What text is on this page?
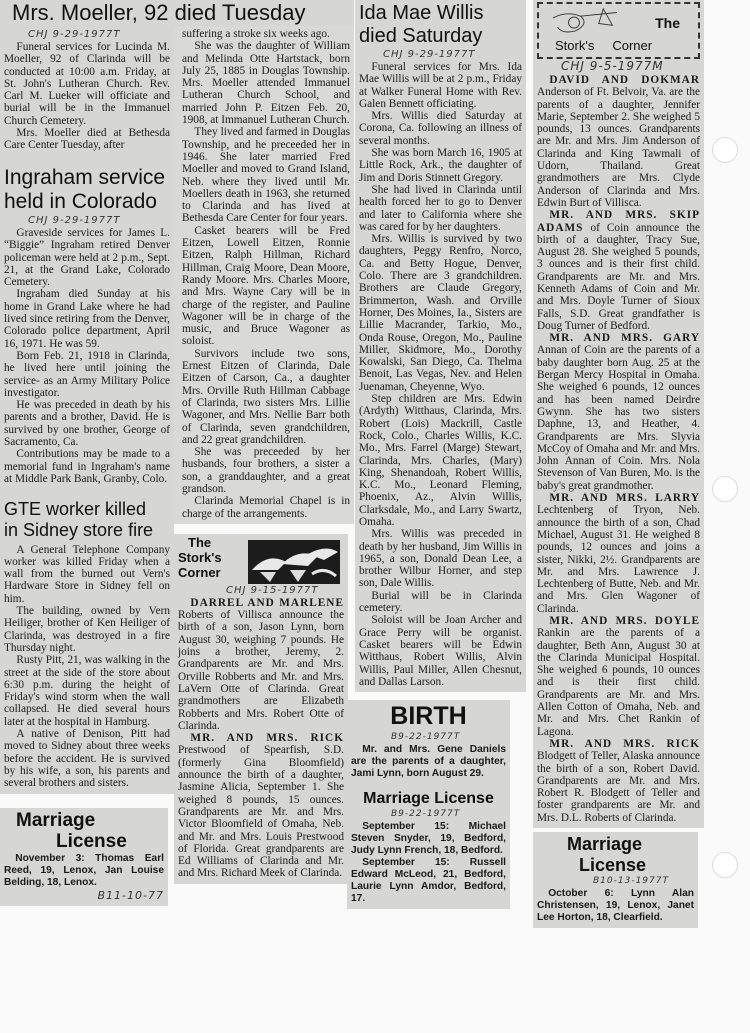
Mrs. Moeller, 92 died Tuesday
CHJ 9-29-1977T

Funeral services for Lucinda M. Moeller, 92 of Clarinda will be conducted at 10:00 a.m. Friday, at St. John's Lutheran Church. Rev. Carl M. Lueker will officiate and burial will be in the Immanuel Church Cemetery.

Mrs. Moeller died at Bethesda Care Center Tuesday, after

Ingraham service
held in Colorado
CHJ 9-29-1977T

Graveside services for James L. “Biggie” Ingraham retired Denver policeman were held at 2 p.m., Sept. 21, at the Grand Lake, Colorado Cemetery.

Ingraham died Sunday at his home in Grand Lake where he had lived since retiring from the Denver, Colorado police department, April 16, 1971. He was 59.

Born Feb. 21, 1918 in Clarinda, he lived here until joining the service- as an Army Military Police investigator.

He was preceded in death by his parents and a brother, David. He is survived by one brother, George of Sacramento, Ca.

Contributions may be made to a memorial fund in Ingraham's name at Middle Park Bank, Granby, Colo.

GTE worker killed
in Sidney store fire

A General Telephone Company worker was killed Friday when a wall from the burned out Vern's Hardware Store in Sidney fell on him.

The building, owned by Vern Heiliger, brother of Ken Heiliger of Clarinda, was destroyed in a fire Thursday night.

Rusty Pitt, 21, was walking in the street at the side of the store about 6:30 p.m. during the height of Friday's wind storm when the wall collapsed. He died several hours later at the hospital in Hamburg.

A native of Denison, Pitt had moved to Sidney about three weeks before the accident. He is survived by his wife, a son, his parents and several brothers and sisters.

Marriage
License

November 3: Thomas Earl Reed, 19, Lenox, Jan Louise Belding, 18, Lenox.

B11-10-77

suffering a stroke six weeks ago.

She was the daughter of William and Melinda Otte Hartstack, born July 25, 1885 in Douglas Township. Mrs. Moeller attended Immanuel Lutheran Church School, and married John P. Eitzen Feb. 20, 1908, at Immanuel Lutheran Church.

They lived and farmed in Douglas Township, and he preceeded her in 1946. She later married Fred Moeller and moved to Grand Island, Neb. where they lived until Mr. Moellers death in 1963, she returned to Clarinda and has lived at Bethesda Care Center for four years.

Casket bearers will be Fred Eitzen, Lowell Eitzen, Ronnie Eitzen, Ralph Hillman, Richard Hillman, Craig Moore, Dean Moore, Randy Moore. Mrs. Charles Moore, and Mrs. Wayne Cary will be in charge of the register, and Pauline Wagoner will be in charge of the music, and Bruce Wagoner as soloist.

Survivors include two sons, Ernest Eitzen of Clarinda, Dale Eitzen of Carson, Ca., a daughter Mrs. Orville Ruth Hillman Cabbage of Clarinda, two sisters Mrs. Lillie Wagoner, and Mrs. Nellie Barr both of Clarinda, seven grandchildren, and 22 great grandchildren.

She was preceeded by her husbands, four brothers, a sister a son, a granddaughter, and a great grandson.

Clarinda Memorial Chapel is in charge of the arrangements.

The
Stork's
Corner
CHJ 9-15-1977T

DARREL AND MARLENE Roberts of Villisca announce the birth of a son, Jason Lynn, born August 30, weighing 7 pounds. He joins a brother, Jeremy, 2. Grandparents are Mr. and Mrs. Orville Robberts and Mr. and Mrs. LaVern Otte of Clarinda. Great grandmothers are Elizabeth Robberts and Mrs. Robert Otte of Clarinda.

MR. AND MRS. RICK Prestwood of Spearfish, S.D. (formerly Gina Bloomfield) announce the birth of a daughter, Jasmine Alicia, September 1. She weighed 8 pounds, 15 ounces. Grandparents are Mr. and Mrs. Victor Bloomfield of Omaha, Neb. and Mr. and Mrs. Louis Prestwood of Florida. Great grandparents are Ed Williams of Clarinda and Mr. and Mrs. Richard Meek of Clarinda.

Ida Mae Willis
died Saturday
CHJ 9-29-1977T

Funeral services for Mrs. Ida Mae Willis will be at 2 p.m., Friday at Walker Funeral Home with Rev. Galen Bennett officiating.

Mrs. Willis died Saturday at Corona, Ca. following an illness of several months.

She was born March 16, 1905 at Little Rock, Ark., the daughter of Jim and Doris Stinnett Gregory.

She had lived in Clarinda until health forced her to go to Denver and later to California where she was cared for by her daughters.

Mrs. Willis is survived by two daughters, Peggy Renfro, Norco, Ca. and Betty Hogue, Denver, Colo. There are 3 grandchildren. Brothers are Claude Gregory, Brimmerton, Wash. and Orville Horner, Des Moines, Ia., Sisters are Lillie Macrander, Tarkio, Mo., Onda Rouse, Oregon, Mo., Pauline Miller, Skidmore, Mo., Dorothy Kowalski, San Diego, Ca. Thelma Benoit, Las Vegas, Nev. and Helen Juenaman, Cheyenne, Wyo.

Step children are Mrs. Edwin (Ardyth) Witthaus, Clarinda, Mrs. Robert (Lois) Mackrill, Castle Rock, Colo., Charles Willis, K.C. Mo., Mrs. Farrel (Marge) Stewart, Clarinda, Mrs. Charles, (Mary) King, Shenandoah, Robert Willis, K.C. Mo., Leonard Fleming, Phoenix, Az., Alvin Willis, Clarksdale, Mo., and Larry Swartz, Omaha.

Mrs. Willis was preceded in death by her husband, Jim Willis in 1965, a son, Donald Dean Lee, a brother Wilbur Horner, and step son, Dale Willis.

Burial will be in Clarinda cemetery.

Soloist will be Joan Archer and Grace Perry will be organist. Casket bearers will be Edwin Witthaus, Robert Willis, Alvin Willis, Paul Miller, Allen Chesnut, and Dallas Larson.

BIRTH
B9-22-1977T

Mr. and Mrs. Gene Daniels are the parents of a daughter, Jami Lynn, born August 29.

Marriage License
B9-22-1977T

September 15: Michael Steven Snyder, 19, Bedford, Judy Lynn French, 18, Bedford.

September 15: Russell Edward McLeod, 21, Bedford, Laurie Lynn Amdor, Bedford, 17.

The
Stork's Corner
CHJ 9-5-1977M

DAVID AND DOKMAR Anderson of Ft. Belvoir, Va. are the parents of a daughter, Jennifer Marie, September 2. She weighed 5 pounds, 13 ounces. Grandparents are Mr. and Mrs. Jim Anderson of Clarinda and King Tawmali of Udorn, Thailand. Great grandmothers are Mrs. Clyde Anderson of Clarinda and Mrs. Edwin Burt of Villisca.

MR. AND MRS. SKIP ADAMS of Coin announce the birth of a daughter, Tracy Sue, August 28. She weighed 5 pounds, 3 ounces and is their first child. Grandparents are Mr. and Mrs. Kenneth Adams of Coin and Mr. and Mrs. Doyle Turner of Sioux Falls, S.D. Great grandfather is Doug Turner of Bedford.

MR. AND MRS. GARY Annan of Coin are the parents of a baby daughter born Aug. 25 at the Bergan Mercy Hospital in Omaha. She weighed 6 pounds, 12 ounces and has been named Deirdre Gwynn. She has two sisters Daphne, 13, and Heather, 4. Grandparents are Mrs. Slyvia McCoy of Omaha and Mr. and Mrs. John Annan of Coin. Mrs. Nola Stevenson of Van Buren, Mo. is the baby's great grandmother.

MR. AND MRS. LARRY Lechtenberg of Tryon, Neb. announce the birth of a son, Chad Michael, August 31. He weighed 8 pounds, 12 ounces and joins a sister, Nikki, 2½. Grandparents are Mr. and Mrs. Lawrence J. Lechtenberg of Butte, Neb. and Mr. and Mrs. Glen Wagoner of Clarinda.

MR. AND MRS. DOYLE Rankin are the parents of a daughter, Beth Ann, August 30 at the Clarinda Municipal Hospital. She weighed 6 pounds, 10 ounces and is their first child. Grandparents are Mr. and Mrs. Allen Cotton of Omaha, Neb. and Mr. and Mrs. Chet Rankin of Lagona.

MR. AND MRS. RICK Blodgett of Teller, Alaska announce the birth of a son, Robert David. Grandparents are Mr. and Mrs. Robert R. Blodgett of Teller and foster grandparents are Mr. and Mrs. D.L. Roberts of Clarinda.

Marriage
License
B10-13-1977T

October 6: Lynn Alan Christensen, 19, Lenox, Janet Lee Horton, 18, Clearfield.
